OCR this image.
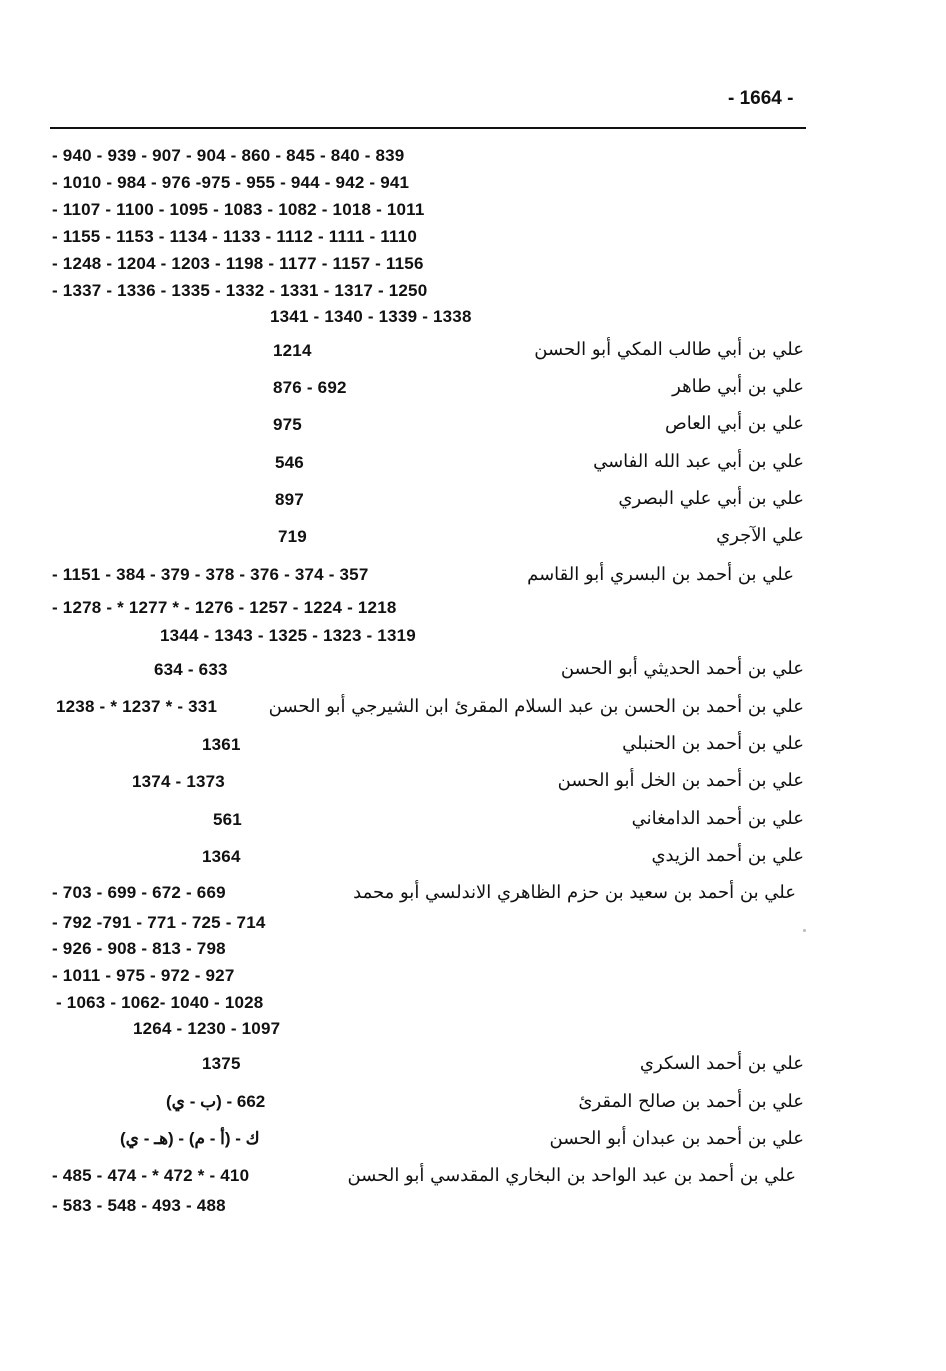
- 1664 -
- 940 - 939 - 907 - 904 - 860 - 845 - 840 - 839
- 1010 - 984 - 976 -975 - 955 - 944 - 942 - 941
- 1107 - 1100 - 1095 - 1083 - 1082 - 1018 - 1011
- 1155 - 1153 - 1134 - 1133 - 1112 - 1111 - 1110
- 1248 - 1204 - 1203 - 1198 - 1177 - 1157 - 1156
- 1337 - 1336 - 1335 - 1332 - 1331 - 1317 - 1250
1341 - 1340 - 1339 - 1338
علي بن أبي طالب المكي أبو الحسن
1214
علي بن أبي طاهر
876 - 692
علي بن أبي العاص
975
علي بن أبي عبد الله الفاسي
546
علي بن أبي علي البصري
897
علي الآجري
719
علي بن أحمد بن البسري أبو القاسم
- 1151 - 384 - 379 - 378 - 376 - 374 - 357
- 1278 - * 1277 * - 1276 - 1257 - 1224 - 1218
1344 - 1343 - 1325 - 1323 - 1319
علي بن أحمد الحديثي أبو الحسن
634 - 633
علي بن أحمد بن الحسن بن عبد السلام المقرئ ابن الشيرجي أبو الحسن
1238 - * 1237 * - 331
علي بن أحمد بن الحنبلي
1361
علي بن أحمد بن الخل أبو الحسن
1374 - 1373
علي بن أحمد الدامغاني
561
علي بن أحمد الزيدي
1364
علي بن أحمد بن سعيد بن حزم الظاهري الاندلسي أبو محمد
- 703 - 699 - 672 - 669
- 792 -791 - 771 - 725 - 714
- 926 - 908 - 813 - 798
- 1011 - 975 - 972 - 927
- 1063 - 1062- 1040 - 1028
1264 - 1230 - 1097
علي بن أحمد السكري
1375
علي بن أحمد بن صالح المقرئ
(ب - ي) - 662
علي بن أحمد بن عبدان أبو الحسن
(هـ - ي) - ك - (أ - م)
علي بن أحمد بن عبد الواحد بن البخاري المقدسي أبو الحسن
- 485 - 474 - * 472 * - 410
- 583 - 548 - 493 - 488
